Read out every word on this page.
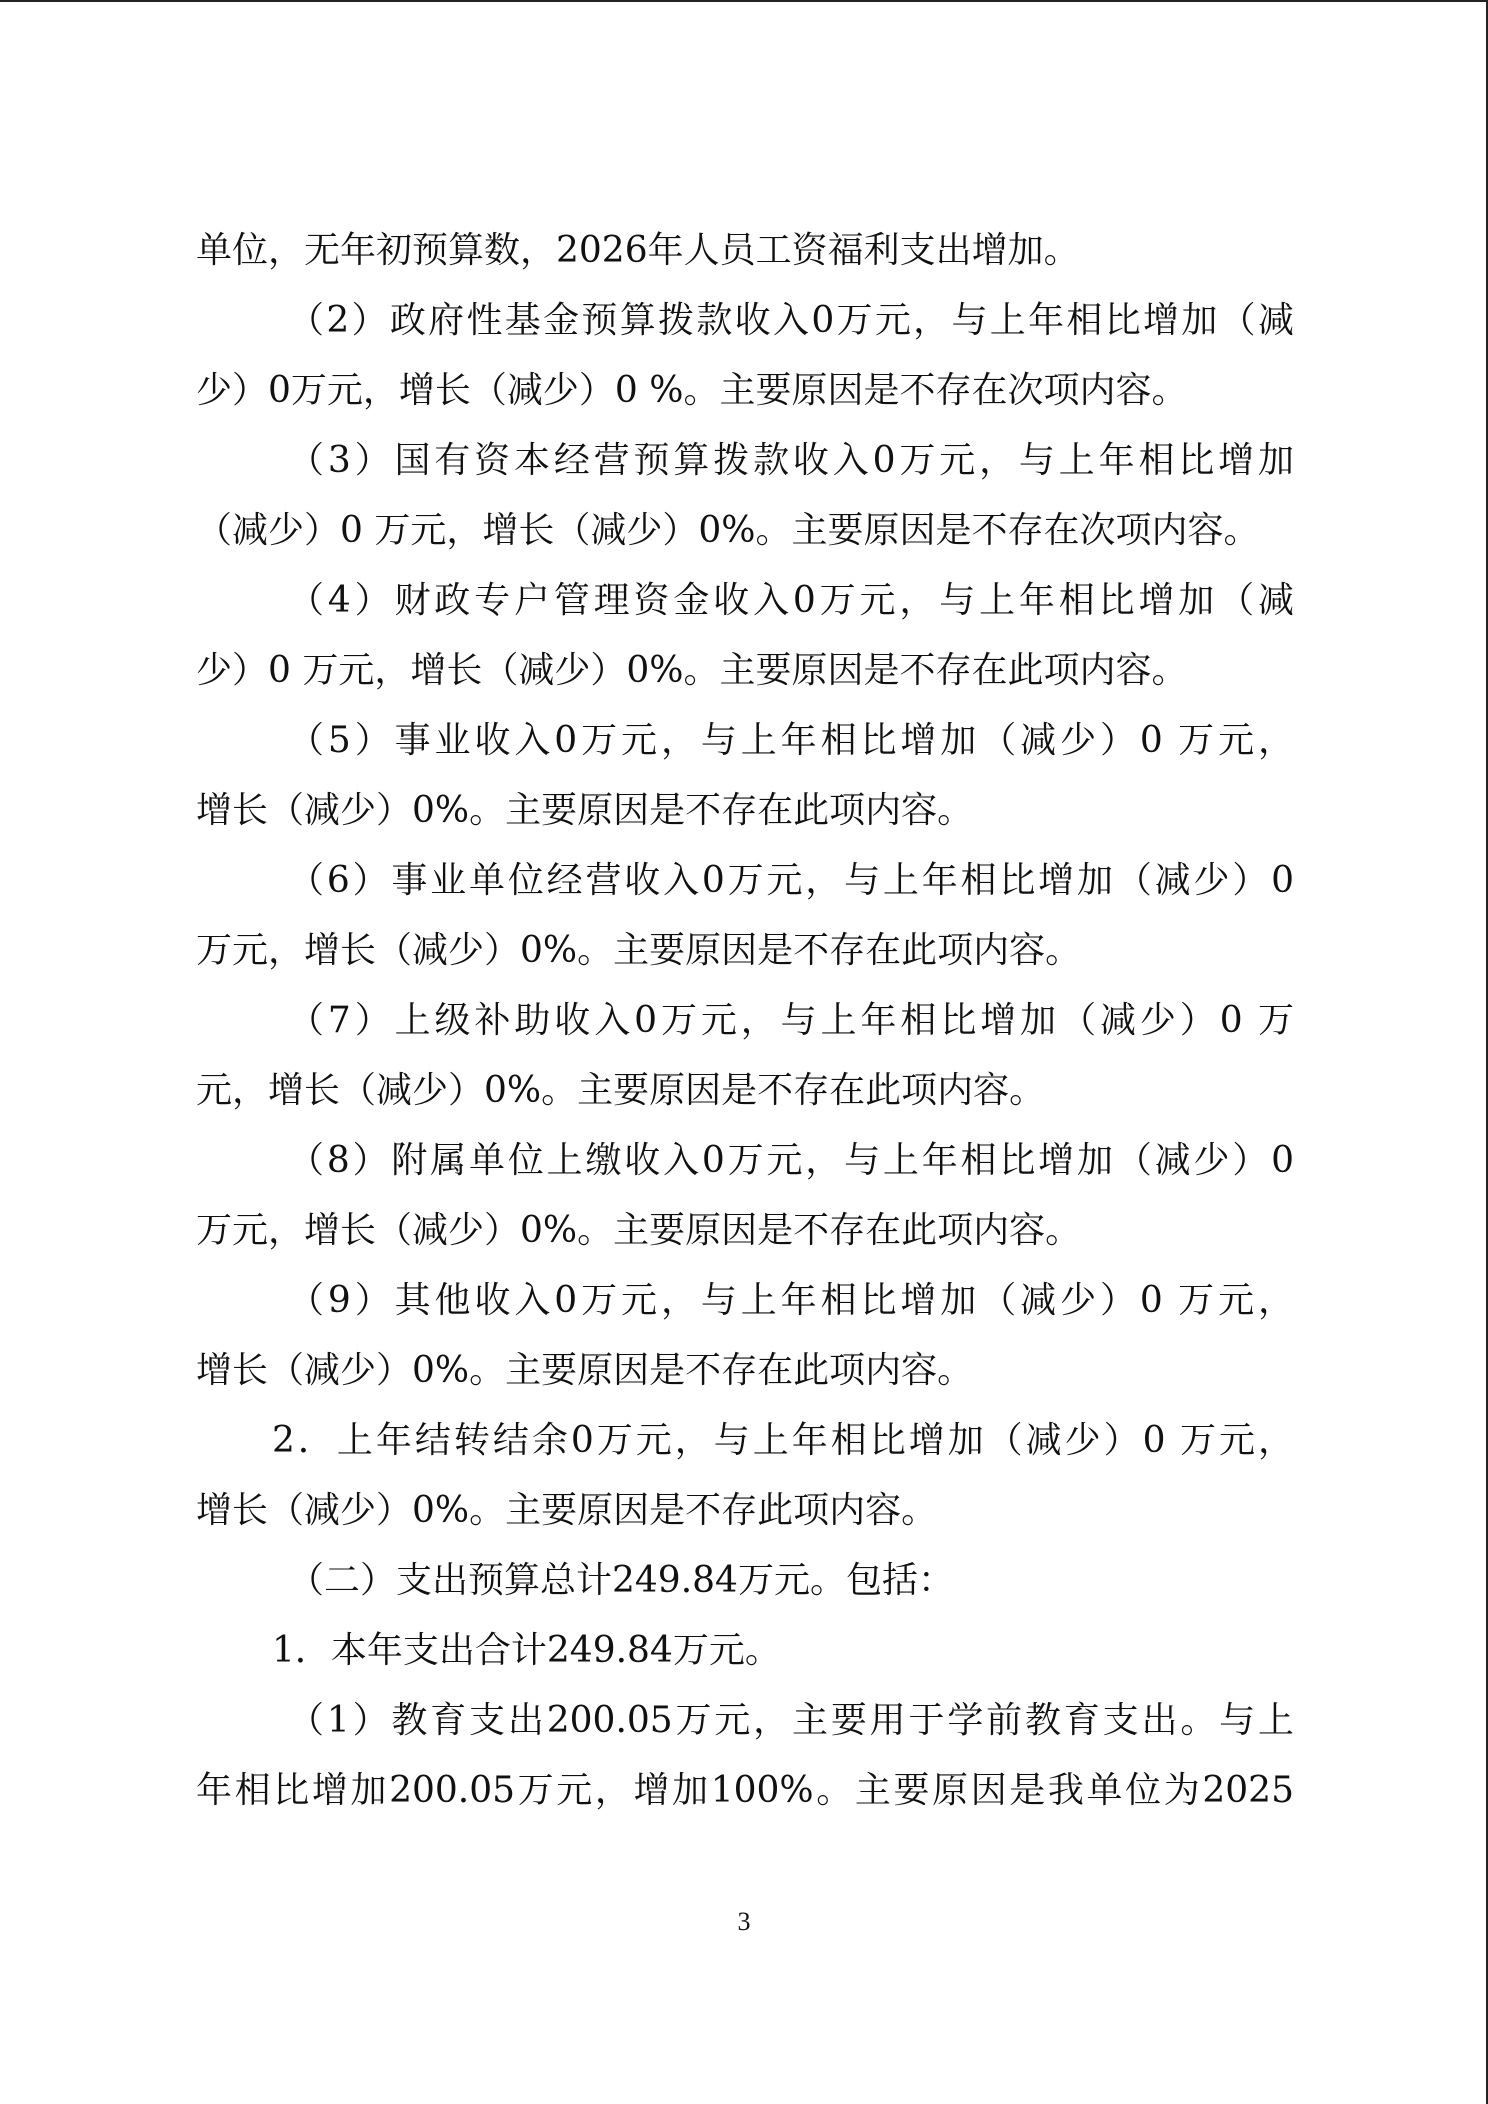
单位，无年初预算数，2026年人员工资福利支出增加。
（2）政府性基金预算拨款收入0万元，与上年相比增加（减
少）0万元，增长（减少）0 %。主要原因是不存在次项内容。
（3）国有资本经营预算拨款收入0万元，与上年相比增加
（减少）0 万元，增长（减少）0%。主要原因是不存在次项内容。
（4）财政专户管理资金收入0万元，与上年相比增加（减
少）0 万元，增长（减少）0%。主要原因是不存在此项内容。
（5）事业收入0万元，与上年相比增加（减少）0 万元，
增长（减少）0%。主要原因是不存在此项内容。
（6）事业单位经营收入0万元，与上年相比增加（减少）0
万元，增长（减少）0%。主要原因是不存在此项内容。
（7）上级补助收入0万元，与上年相比增加（减少）0 万
元，增长（减少）0%。主要原因是不存在此项内容。
（8）附属单位上缴收入0万元，与上年相比增加（减少）0
万元，增长（减少）0%。主要原因是不存在此项内容。
（9）其他收入0万元，与上年相比增加（减少）0 万元，
增长（减少）0%。主要原因是不存在此项内容。
2．上年结转结余0万元，与上年相比增加（减少）0 万元，
增长（减少）0%。主要原因是不存此项内容。
（二）支出预算总计249.84万元。包括：
1．本年支出合计249.84万元。
（1）教育支出200.05万元，主要用于学前教育支出。与上
年相比增加200.05万元，增加100%。主要原因是我单位为2025
3
